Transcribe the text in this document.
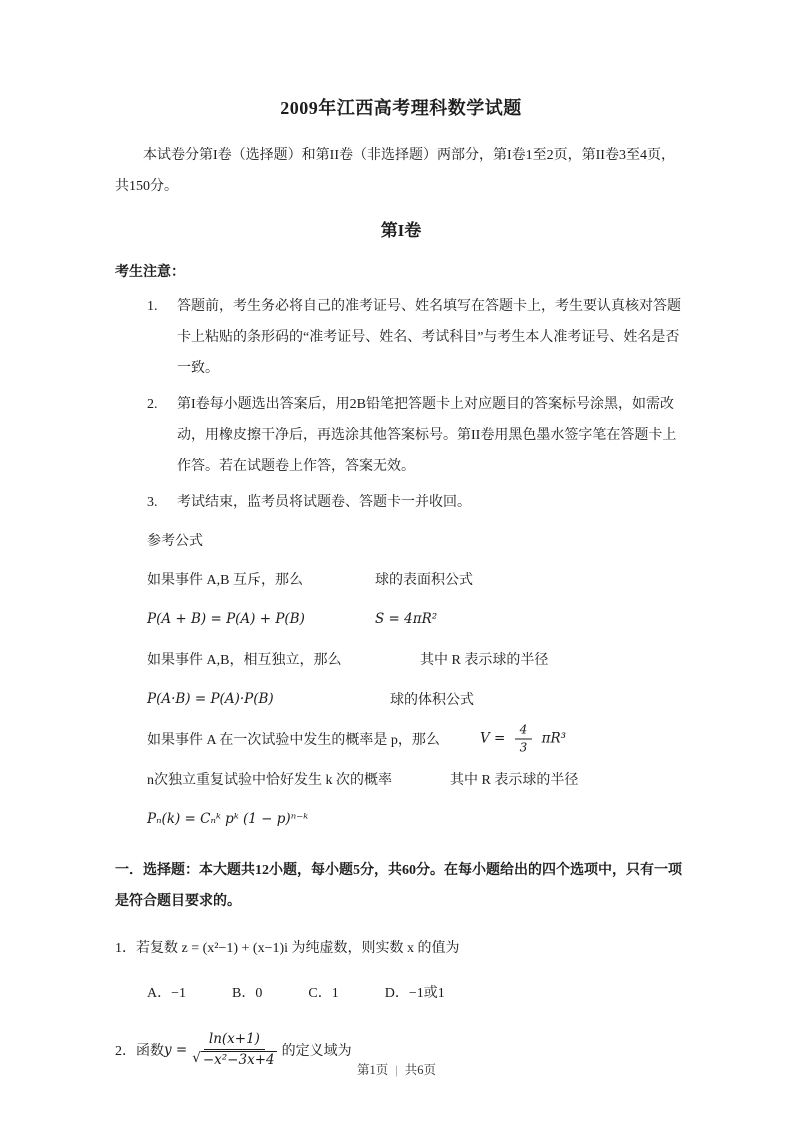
2009年江西高考理科数学试题
本试卷分第I卷（选择题）和第II卷（非选择题）两部分，第I卷1至2页，第II卷3至4页，共150分。
第I卷
考生注意：
1.	答题前，考生务必将自己的准考证号、姓名填写在答题卡上，考生要认真核对答题卡上粘贴的条形码的“准考证号、姓名、考试科目”与考生本人准考证号、姓名是否一致。
2.	第I卷每小题选出答案后，用2B铅笔把答题卡上对应题目的答案标号涂黑，如需改动，用橡皮擦干净后，再选涂其他答案标号。第II卷用黑色墨水签字笔在答题卡上作答。若在试题卷上作答，答案无效。
3.	考试结束，监考员将试题卷、答题卡一并收回。
参考公式
如果事件 A,B 互斥，那么	球的表面积公式
P(A + B) = P(A) + P(B)	S = 4πR²
如果事件 A,B，相互独立，那么	其中 R 表示球的半径
P(A·B) = P(A)·P(B)	球的体积公式
如果事件 A 在一次试验中发生的概率是 p，那么	$V = \frac{4}{3} \pi R^3$
n次独立重复试验中恰好发生 k 次的概率	其中 R 表示球的半径
Pₙ(k) = Cₙᵏ pᵏ (1 − p)ⁿ⁻ᵏ
一．选择题：本大题共12小题，每小题5分，共60分。在每小题给出的四个选项中，只有一项是符合题目要求的。
1．若复数 z = (x²−1) + (x−1)i 为纯虚数，则实数 x 的值为
A．−1	B．0	C．1	D．−1或1
2．函数 $y = \frac{\ln(x+1)}{\text{√ −x²−3x+4}}$ 的定义域为
第1页 | 共6页
